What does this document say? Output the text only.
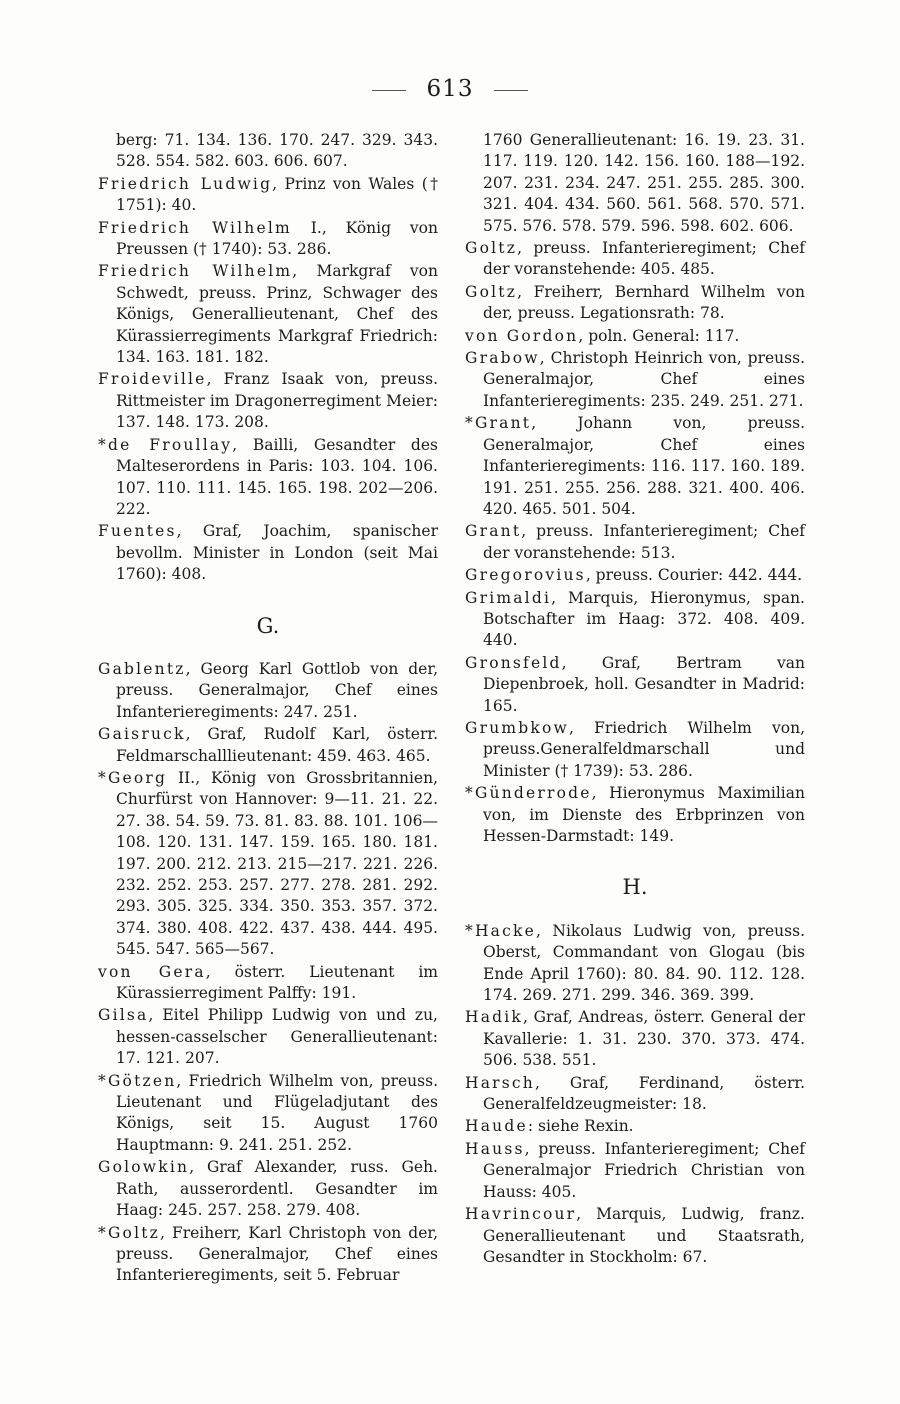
613

berg: 71. 134. 136. 170. 247. 329. 343. 528. 554. 582. 603. 606. 607.

Friedrich Ludwig, Prinz von Wales († 1751): 40.

Friedrich Wilhelm I., König von Preussen († 1740): 53. 286.

Friedrich Wilhelm, Markgraf von Schwedt, preuss. Prinz, Schwager des Königs, Generallieutenant, Chef des Kürassierregiments Markgraf Friedrich: 134. 163. 181. 182.

Froideville, Franz Isaak von, preuss. Rittmeister im Dragonerregiment Meier: 137. 148. 173. 208.

*de Froullay, Bailli, Gesandter des Malteserordens in Paris: 103. 104. 106. 107. 110. 111. 145. 165. 198. 202—206. 222.

Fuentes, Graf, Joachim, spanischer bevollm. Minister in London (seit Mai 1760): 408.

G.

Gablentz, Georg Karl Gottlob von der, preuss. Generalmajor, Chef eines Infanterieregiments: 247. 251.

Gaisruck, Graf, Rudolf Karl, österr. Feldmarschalllieutenant: 459. 463. 465.

*Georg II., König von Grossbritannien, Churfürst von Hannover: 9—11. 21. 22. 27. 38. 54. 59. 73. 81. 83. 88. 101. 106—108. 120. 131. 147. 159. 165. 180. 181. 197. 200. 212. 213. 215—217. 221. 226. 232. 252. 253. 257. 277. 278. 281. 292. 293. 305. 325. 334. 350. 353. 357. 372. 374. 380. 408. 422. 437. 438. 444. 495. 545. 547. 565—567.

von Gera, österr. Lieutenant im Kürassierregiment Palffy: 191.

Gilsa, Eitel Philipp Ludwig von und zu, hessen-casselscher Generallieutenant: 17. 121. 207.

*Götzen, Friedrich Wilhelm von, preuss. Lieutenant und Flügeladjutant des Königs, seit 15. August 1760 Hauptmann: 9. 241. 251. 252.

Golowkin, Graf Alexander, russ. Geh. Rath, ausserordentl. Gesandter im Haag: 245. 257. 258. 279. 408.

*Goltz, Freiherr, Karl Christoph von der, preuss. Generalmajor, Chef eines Infanterieregiments, seit 5. Februar

1760 Generallieutenant: 16. 19. 23. 31. 117. 119. 120. 142. 156. 160. 188—192. 207. 231. 234. 247. 251. 255. 285. 300. 321. 404. 434. 560. 561. 568. 570. 571. 575. 576. 578. 579. 596. 598. 602. 606.

Goltz, preuss. Infanterieregiment; Chef der voranstehende: 405. 485.

Goltz, Freiherr, Bernhard Wilhelm von der, preuss. Legationsrath: 78.

von Gordon, poln. General: 117.

Grabow, Christoph Heinrich von, preuss. Generalmajor, Chef eines Infanterieregiments: 235. 249. 251. 271.

*Grant, Johann von, preuss. Generalmajor, Chef eines Infanterieregiments: 116. 117. 160. 189. 191. 251. 255. 256. 288. 321. 400. 406. 420. 465. 501. 504.

Grant, preuss. Infanterieregiment; Chef der voranstehende: 513.

Gregorovius, preuss. Courier: 442. 444.

Grimaldi, Marquis, Hieronymus, span. Botschafter im Haag: 372. 408. 409. 440.

Gronsfeld, Graf, Bertram van Diepenbroek, holl. Gesandter in Madrid: 165.

Grumbkow, Friedrich Wilhelm von, preuss.Generalfeldmarschall und Minister († 1739): 53. 286.

*Günderrode, Hieronymus Maximilian von, im Dienste des Erbprinzen von Hessen-Darmstadt: 149.

H.

*Hacke, Nikolaus Ludwig von, preuss. Oberst, Commandant von Glogau (bis Ende April 1760): 80. 84. 90. 112. 128. 174. 269. 271. 299. 346. 369. 399.

Hadik, Graf, Andreas, österr. General der Kavallerie: 1. 31. 230. 370. 373. 474. 506. 538. 551.

Harsch, Graf, Ferdinand, österr. Generalfeldzeugmeister: 18.

Haude: siehe Rexin.

Hauss, preuss. Infanterieregiment; Chef Generalmajor Friedrich Christian von Hauss: 405.

Havrincour, Marquis, Ludwig, franz. Generallieutenant und Staatsrath, Gesandter in Stockholm: 67.
